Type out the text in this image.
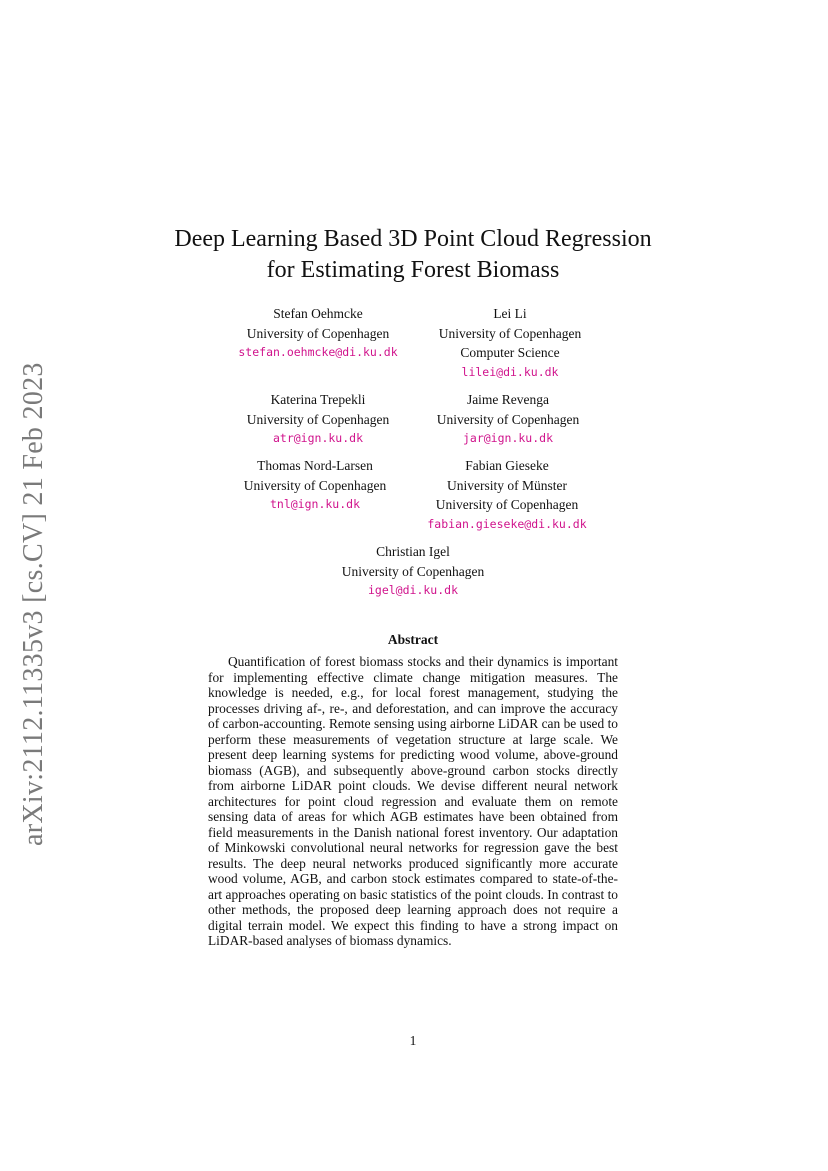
arXiv:2112.11335v3 [cs.CV] 21 Feb 2023
Deep Learning Based 3D Point Cloud Regression
for Estimating Forest Biomass
Stefan Oehmcke
University of Copenhagen
stefan.oehmcke@di.ku.dk
Lei Li
University of Copenhagen
Computer Science
lilei@di.ku.dk
Katerina Trepekli
University of Copenhagen
atr@ign.ku.dk
Jaime Revenga
University of Copenhagen
jar@ign.ku.dk
Thomas Nord-Larsen
University of Copenhagen
tnl@ign.ku.dk
Fabian Gieseke
University of Münster
University of Copenhagen
fabian.gieseke@di.ku.dk
Christian Igel
University of Copenhagen
igel@di.ku.dk
Abstract

Quantification of forest biomass stocks and their dynamics is important for implementing effective climate change mitigation measures. The knowledge is needed, e.g., for local forest management, studying the processes driving af-, re-, and deforestation, and can improve the accuracy of carbon-accounting. Remote sensing using airborne LiDAR can be used to perform these measurements of vegetation structure at large scale. We present deep learning systems for predicting wood volume, above-ground biomass (AGB), and subsequently above-ground carbon stocks directly from airborne LiDAR point clouds. We devise different neural network architectures for point cloud regression and evaluate them on remote sensing data of areas for which AGB estimates have been obtained from field measurements in the Danish national forest inventory. Our adaptation of Minkowski convolutional neural networks for regression gave the best results. The deep neural networks produced significantly more accurate wood volume, AGB, and carbon stock estimates compared to state-of-the-art approaches operating on basic statistics of the point clouds. In contrast to other methods, the proposed deep learning approach does not require a digital terrain model. We expect this finding to have a strong impact on LiDAR-based analyses of biomass dynamics.

1
